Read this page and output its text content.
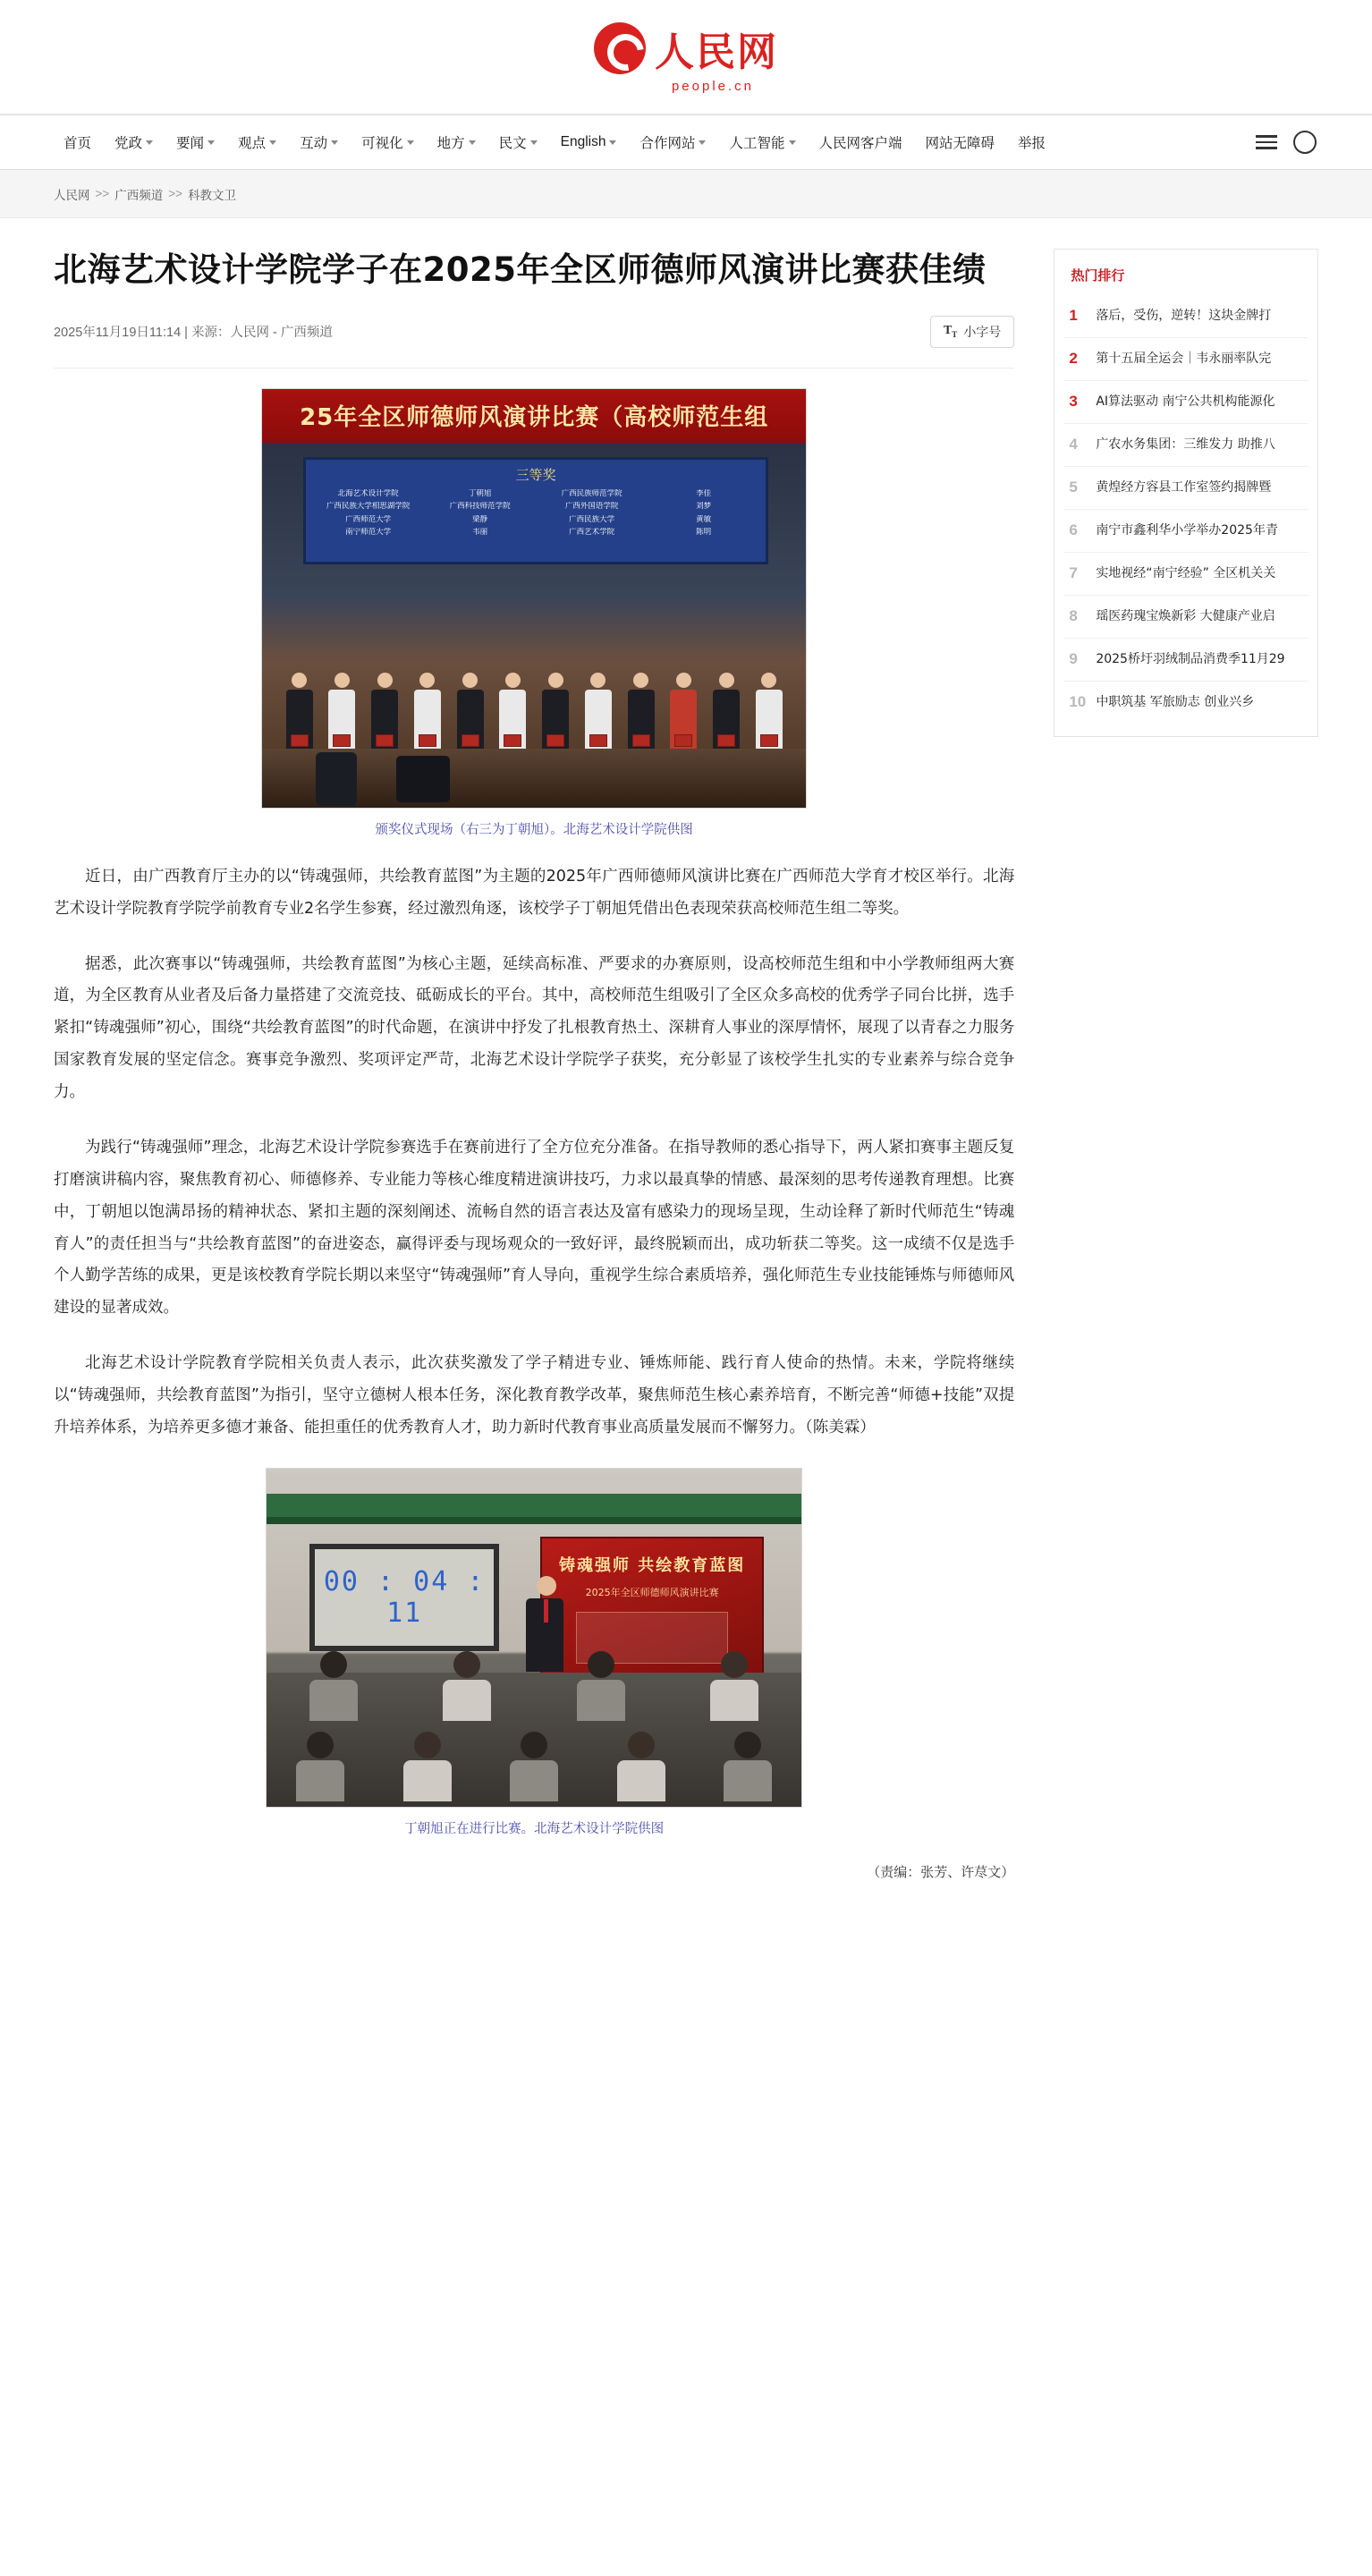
人民网
people.cn
首页 党政 要闻 观点 互动 可视化 地方 民文 English 合作网站 人工智能 人民网客户端 网站无障碍 举报
人民网 >> 广西频道 >> 科教文卫
北海艺术设计学院学子在2025年全区师德师风演讲比赛获佳绩
2025年11月19日11:14 | 来源：人民网 - 广西频道	$T_T$ 小字号
25年全区师德师风演讲比赛（高校师范生组
三等奖
北海艺术设计学院	丁朝旭	广西民族师范学院	李佳
广西民族大学相思湖学院	广西科技师范学院	广西外国语学院	刘梦
广西师范大学	梁静	广西民族大学	黄敏
南宁师范大学	韦丽	广西艺术学院	陈明
颁奖仪式现场（右三为丁朝旭）。北海艺术设计学院供图

近日，由广西教育厅主办的以“铸魂强师，共绘教育蓝图”为主题的2025年广西师德师风演讲比赛在广西师范大学育才校区举行。北海艺术设计学院教育学院学前教育专业2名学生参赛，经过激烈角逐，该校学子丁朝旭凭借出色表现荣获高校师范生组二等奖。

据悉，此次赛事以“铸魂强师，共绘教育蓝图”为核心主题，延续高标准、严要求的办赛原则，设高校师范生组和中小学教师组两大赛道，为全区教育从业者及后备力量搭建了交流竞技、砥砺成长的平台。其中，高校师范生组吸引了全区众多高校的优秀学子同台比拼，选手紧扣“铸魂强师”初心，围绕“共绘教育蓝图”的时代命题，在演讲中抒发了扎根教育热土、深耕育人事业的深厚情怀，展现了以青春之力服务国家教育发展的坚定信念。赛事竞争激烈、奖项评定严苛，北海艺术设计学院学子获奖，充分彰显了该校学生扎实的专业素养与综合竞争力。

为践行“铸魂强师”理念，北海艺术设计学院参赛选手在赛前进行了全方位充分准备。在指导教师的悉心指导下，两人紧扣赛事主题反复打磨演讲稿内容，聚焦教育初心、师德修养、专业能力等核心维度精进演讲技巧，力求以最真挚的情感、最深刻的思考传递教育理想。比赛中，丁朝旭以饱满昂扬的精神状态、紧扣主题的深刻阐述、流畅自然的语言表达及富有感染力的现场呈现，生动诠释了新时代师范生“铸魂育人”的责任担当与“共绘教育蓝图”的奋进姿态，赢得评委与现场观众的一致好评，最终脱颖而出，成功斩获二等奖。这一成绩不仅是选手个人勤学苦练的成果，更是该校教育学院长期以来坚守“铸魂强师”育人导向，重视学生综合素质培养，强化师范生专业技能锤炼与师德师风建设的显著成效。

北海艺术设计学院教育学院相关负责人表示，此次获奖激发了学子精进专业、锤炼师能、践行育人使命的热情。未来，学院将继续以“铸魂强师，共绘教育蓝图”为指引，坚守立德树人根本任务，深化教育教学改革，聚焦师范生核心素养培育，不断完善“师德+技能”双提升培养体系，为培养更多德才兼备、能担重任的优秀教育人才，助力新时代教育事业高质量发展而不懈努力。（陈美霖）

00 : 04 : 11
铸魂强师 共绘教育蓝图
2025年全区师德师风演讲比赛
丁朝旭正在进行比赛。北海艺术设计学院供图
（责编：张芳、许荩文）
热门排行
1	落后，受伤，逆转！这块金牌打
2	第十五届全运会｜韦永丽率队完
3	AI算法驱动 南宁公共机构能源化
4	广农水务集团：三维发力 助推八
5	黄煌经方容县工作室签约揭牌暨
6	南宁市鑫利华小学举办2025年青
7	实地视经“南宁经验” 全区机关关
8	瑶医药瑰宝焕新彩 大健康产业启
9	2025桥圩羽绒制品消费季11月29
10 中职筑基 军旅励志 创业兴乡
